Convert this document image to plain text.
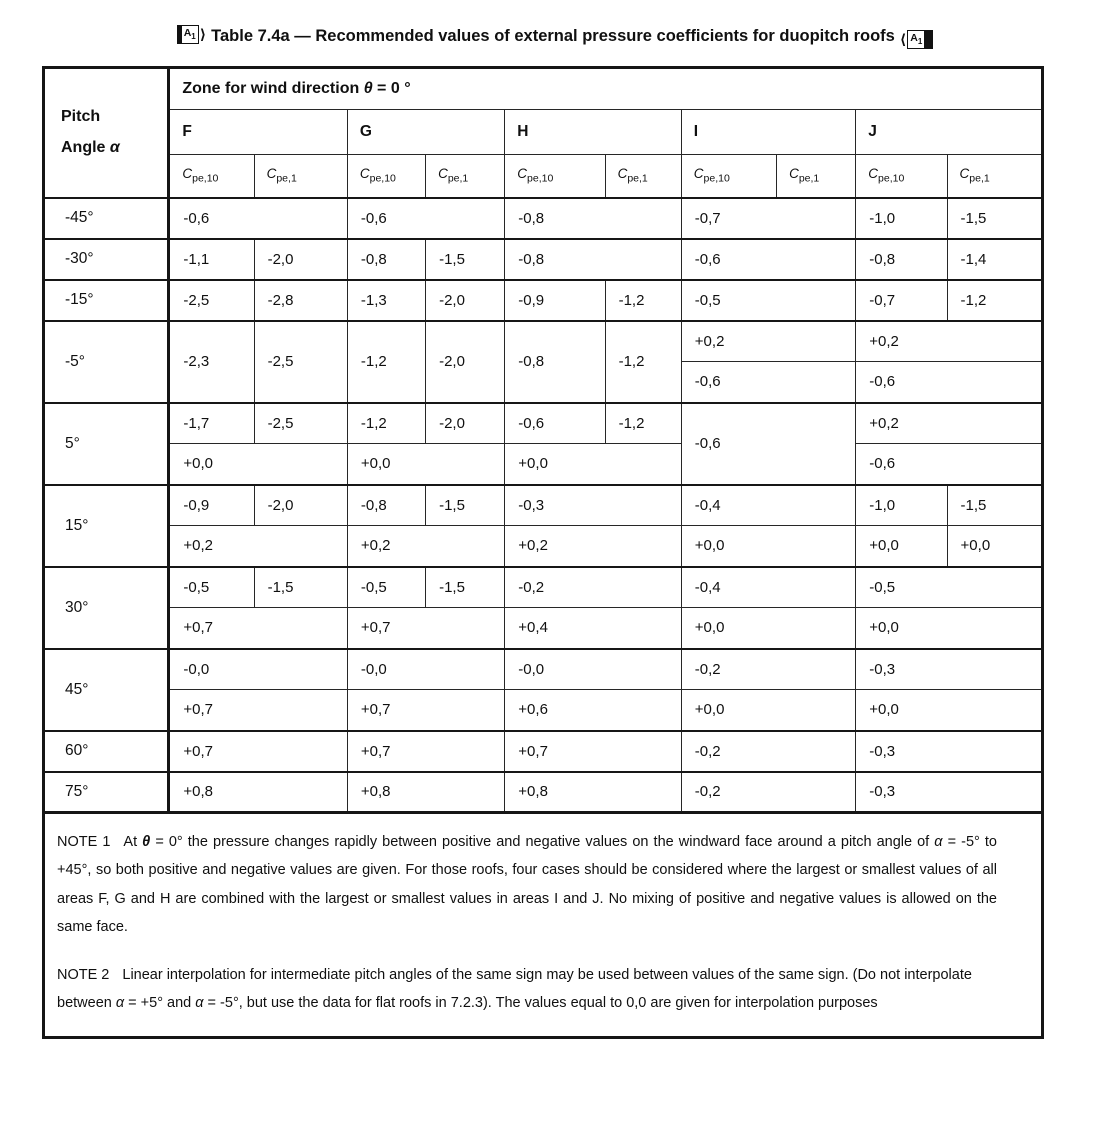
$A_1$ ⟩ Table 7.4a — Recommended values of external pressure coefficients for duopitch roofs ⟨ $A_1$
Pitch
Angle α	Zone for wind direction θ = 0 °									
	F		G		H		I		J	
	$C_{pe,10}$	$C_{pe,1}$	$C_{pe,10}$	$C_{pe,1}$	$C_{pe,10}$	$C_{pe,1}$	$C_{pe,10}$	$C_{pe,1}$	$C_{pe,10}$	$C_{pe,1}$
-45°	-0,6		-0,6		-0,8		-0,7		-1,0	-1,5
-30°	-1,1	-2,0	-0,8	-1,5	-0,8		-0,6		-0,8	-1,4
-15°	-2,5	-2,8	-1,3	-2,0	-0,9	-1,2	-0,5		-0,7	-1,2
-5°	-2,3	-2,5	-1,2	-2,0	-0,8	-1,2	+0,2		+0,2	
							-0,6		-0,6	
5°	-1,7	-2,5	-1,2	-2,0	-0,6	-1,2	-0,6		+0,2	
	+0,0		+0,0		+0,0				-0,6	
15°	-0,9	-2,0	-0,8	-1,5	-0,3		-0,4		-1,0	-1,5
	+0,2		+0,2		+0,2		+0,0		+0,0	+0,0
30°	-0,5	-1,5	-0,5	-1,5	-0,2		-0,4		-0,5	
	+0,7		+0,7		+0,4		+0,0		+0,0	
45°	-0,0		-0,0		-0,0		-0,2		-0,3	
	+0,7		+0,7		+0,6		+0,0		+0,0	
60°	+0,7		+0,7		+0,7		-0,2		-0,3	
75°	+0,8		+0,8		+0,8		-0,2		-0,3	

NOTE 1 At θ = 0° the pressure changes rapidly between positive and negative values on the windward face around a pitch angle of α = -5° to +45°, so both positive and negative values are given. For those roofs, four cases should be considered where the largest or smallest values of all areas F, G and H are combined with the largest or smallest values in areas I and J. No mixing of positive and negative values is allowed on the same face.

NOTE 2 Linear interpolation for intermediate pitch angles of the same sign may be used between values of the same sign. (Do not interpolate between α = +5° and α = -5°, but use the data for flat roofs in 7.2.3). The values equal to 0,0 are given for interpolation purposes										
